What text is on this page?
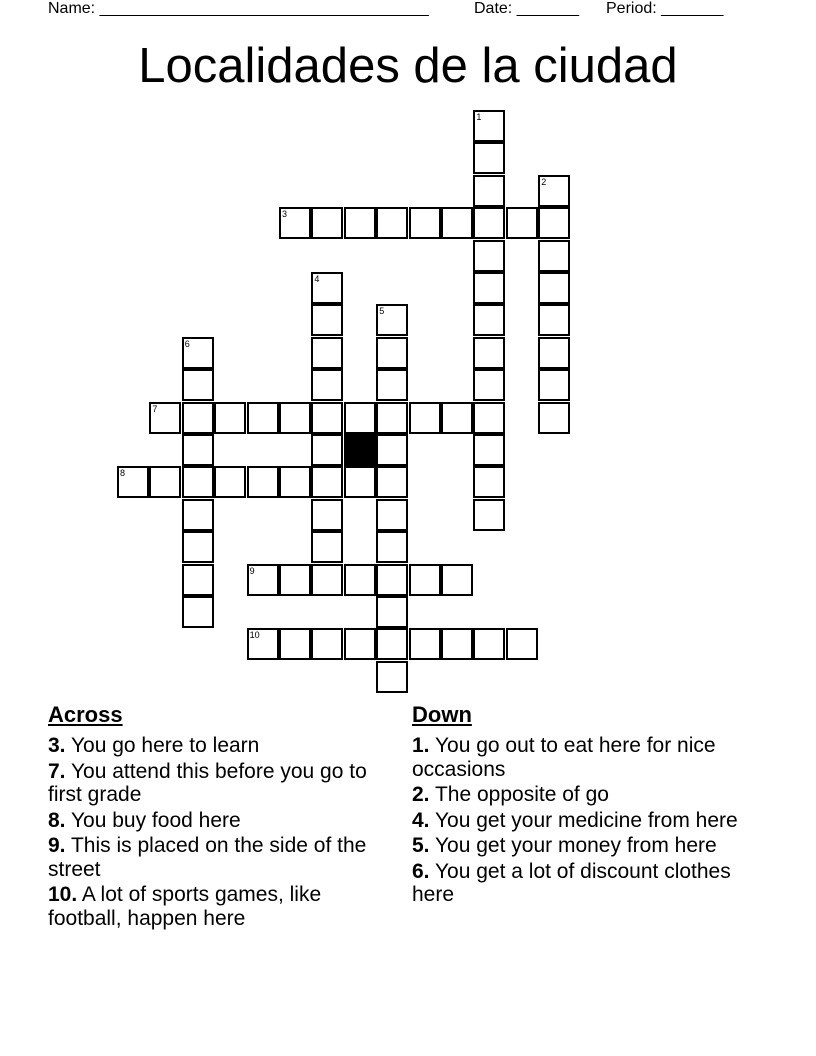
Name: _____________________________________	Date: _______ Period: _______
Localidades de la ciudad
1
2
3
4
5
6
7
8
9
10
Across
3. You go here to learn
7. You attend this before you go to first grade
8. You buy food here
9. This is placed on the side of the street
10. A lot of sports games, like football, happen here
Down
1. You go out to eat here for nice occasions
2. The opposite of go
4. You get your medicine from here
5. You get your money from here
6. You get a lot of discount clothes here
